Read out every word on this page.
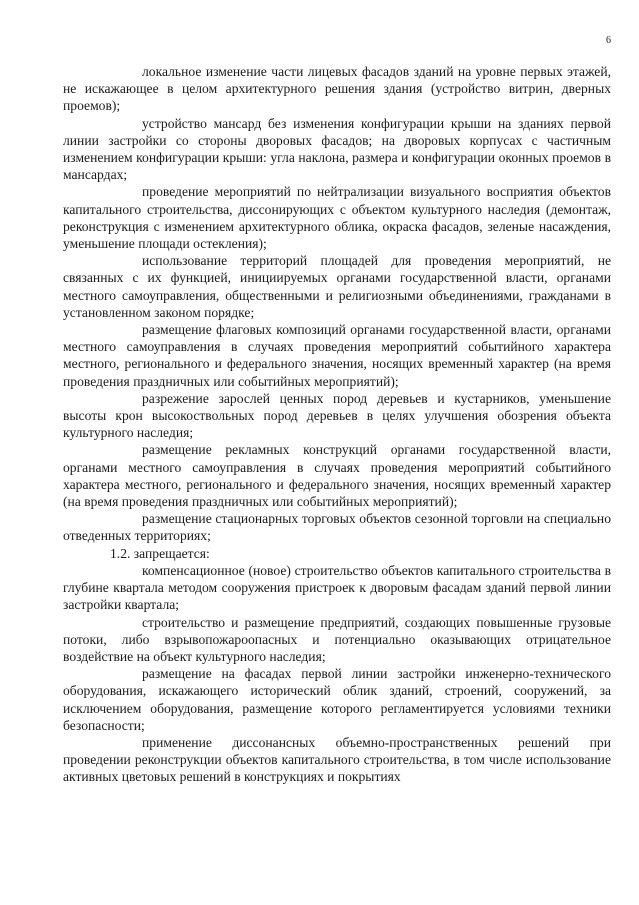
6

локальное изменение части лицевых фасадов зданий на уровне первых этажей, не искажающее в целом архитектурного решения здания (устройство витрин, дверных проемов);

устройство мансард без изменения конфигурации крыши на зданиях первой линии застройки со стороны дворовых фасадов; на дворовых корпусах с частичным изменением конфигурации крыши: угла наклона, размера и конфигурации оконных проемов в мансардах;

проведение мероприятий по нейтрализации визуального восприятия объектов капитального строительства, диссонирующих с объектом культурного наследия (демонтаж, реконструкция с изменением архитектурного облика, окраска фасадов, зеленые насаждения, уменьшение площади остекления);

использование территорий площадей для проведения мероприятий, не связанных с их функцией, инициируемых органами государственной власти, органами местного самоуправления, общественными и религиозными объединениями, гражданами в установленном законом порядке;

размещение флаговых композиций органами государственной власти, органами местного самоуправления в случаях проведения мероприятий событийного характера местного, регионального и федерального значения, носящих временный характер (на время проведения праздничных или событийных мероприятий);

разрежение зарослей ценных пород деревьев и кустарников, уменьшение высоты крон высокоствольных пород деревьев в целях улучшения обозрения объекта культурного наследия;

размещение рекламных конструкций органами государственной власти, органами местного самоуправления в случаях проведения мероприятий событийного характера местного, регионального и федерального значения, носящих временный характер (на время проведения праздничных или событийных мероприятий);

размещение стационарных торговых объектов сезонной торговли на специально отведенных территориях;

1.2. запрещается:

компенсационное (новое) строительство объектов капитального строительства в глубине квартала методом сооружения пристроек к дворовым фасадам зданий первой линии застройки квартала;

строительство и размещение предприятий, создающих повышенные грузовые потоки, либо взрывопожароопасных и потенциально оказывающих отрицательное воздействие на объект культурного наследия;

размещение на фасадах первой линии застройки инженерно-технического оборудования, искажающего исторический облик зданий, строений, сооружений, за исключением оборудования, размещение которого регламентируется условиями техники безопасности;

применение диссонансных объемно-пространственных решений при проведении реконструкции объектов капитального строительства, в том числе использование активных цветовых решений в конструкциях и покрытиях
